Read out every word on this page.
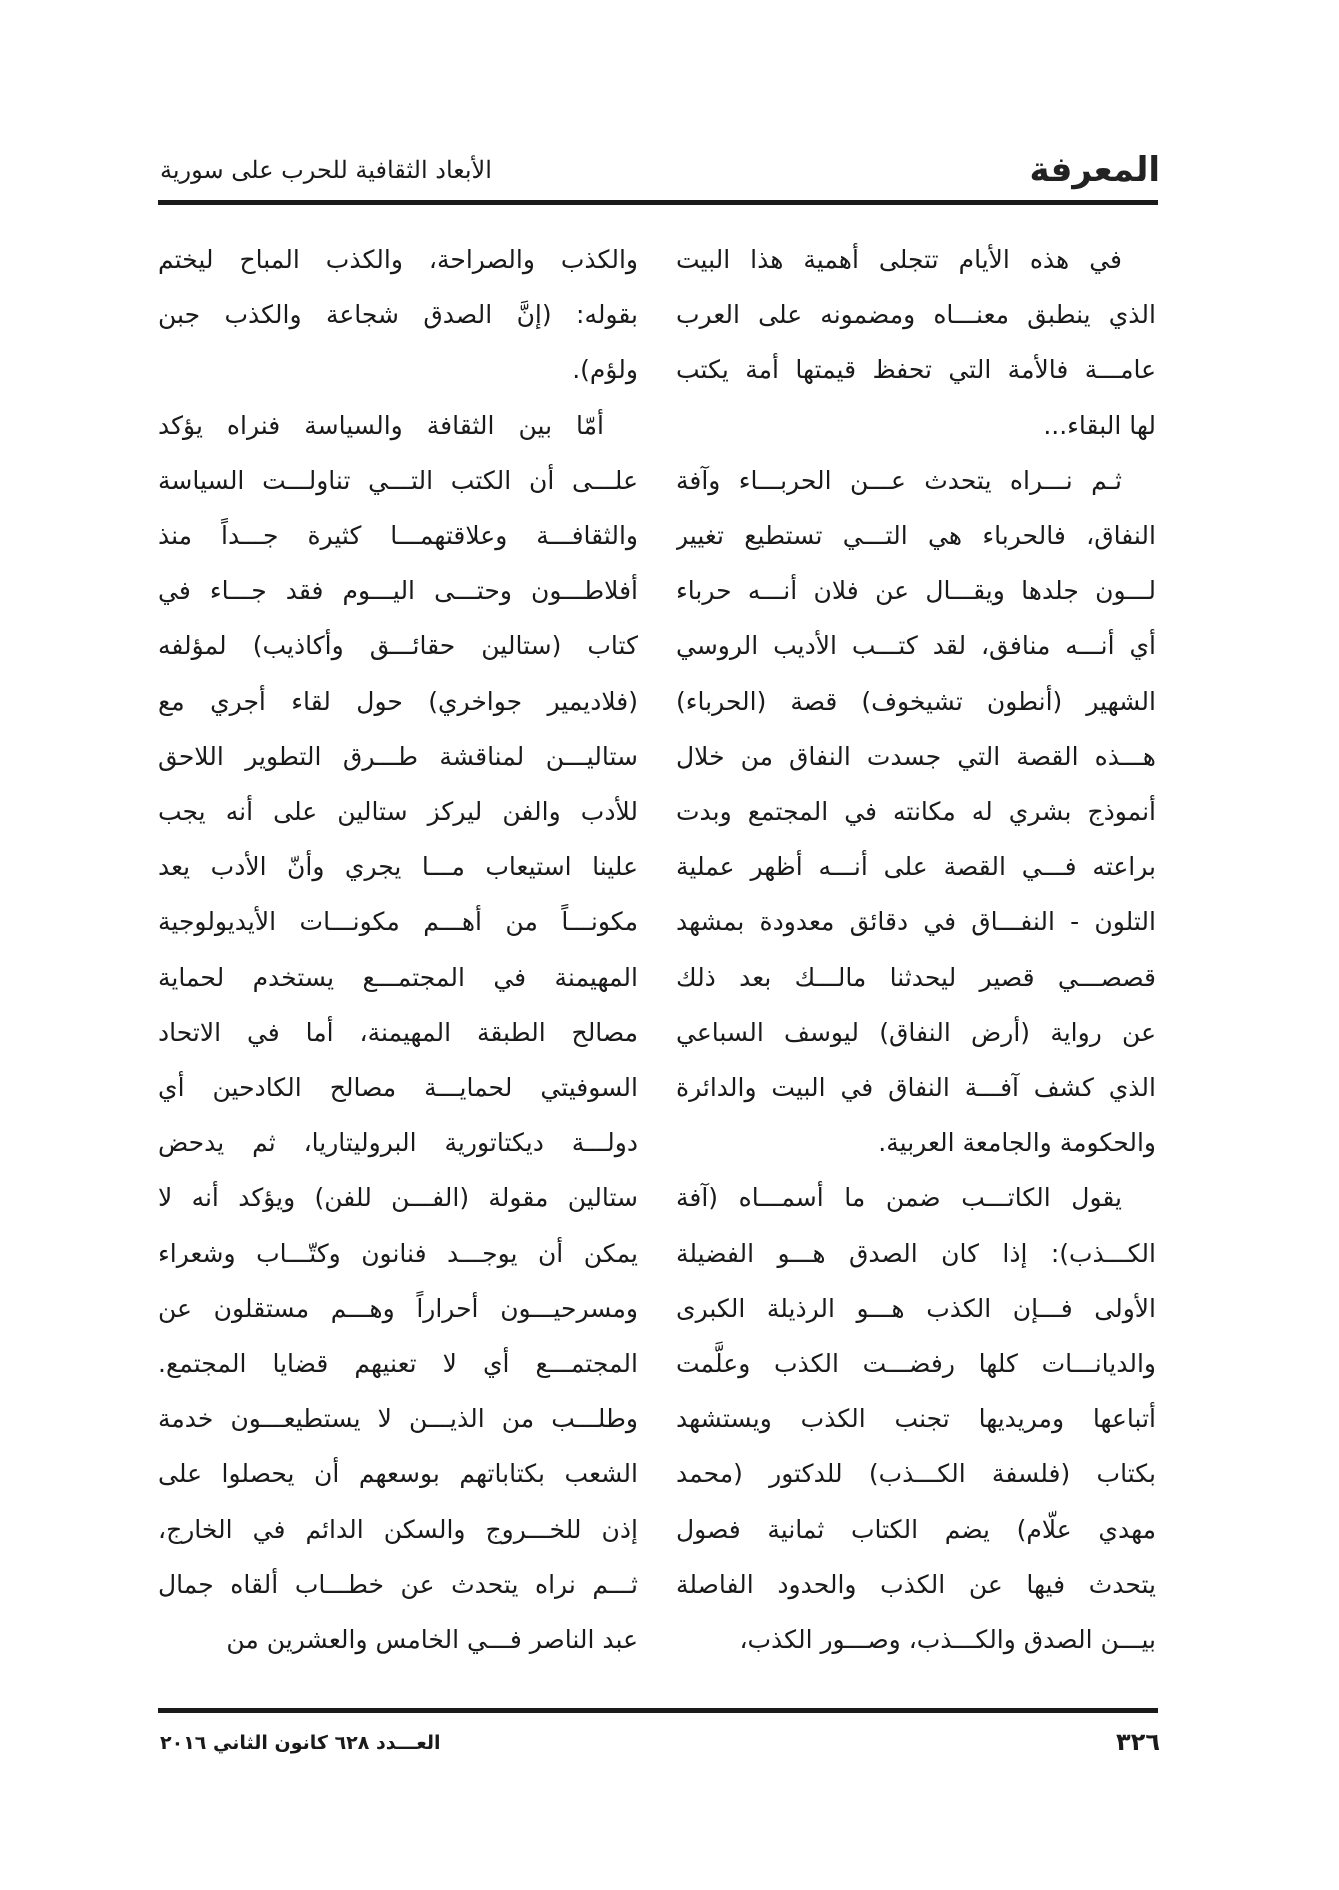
المعرفة
الأبعاد الثقافية للحرب على سورية
في هذه الأيام تتجلى أهمية هذا البيت
الذي ينطبق معنـــاه ومضمونه على العرب
عامـــة فالأمة التي تحفظ قيمتها أمة يكتب
لها البقاء...
ثـم نـــراه يتحدث عـــن الحربـــاء وآفة
النفاق، فالحرباء هي التـــي تستطيع تغيير
لـــون جلدها ويقـــال عن فلان أنـــه حرباء
أي أنـــه منافق، لقد كتـــب الأديب الروسي
الشهير (أنطون تشيخوف) قصة (الحرباء)
هـــذه القصة التي جسدت النفاق من خلال
أنموذج بشري له مكانته في المجتمع وبدت
براعته فـــي القصة على أنـــه أظهر عملية
التلون - النفـــاق في دقائق معدودة بمشهد
قصصـــي قصير ليحدثنا مالـــك بعد ذلك
عن رواية (أرض النفاق) ليوسف السباعي
الذي كشف آفـــة النفاق في البيت والدائرة
والحكومة والجامعة العربية.
يقول الكاتـــب ضمن ما أسمـــاه (آفة
الكـــذب): إذا كان الصدق هـــو الفضيلة
الأولى فـــإن الكذب هـــو الرذيلة الكبرى
والديانـــات كلها رفضـــت الكذب وعلَّمت
أتباعها ومريديها تجنب الكذب ويستشهد
بكتاب (فلسفة الكـــذب) للدكتور (محمد
مهدي علّام) يضم الكتاب ثمانية فصول
يتحدث فيها عن الكذب والحدود الفاصلة
بيـــن الصدق والكـــذب، وصـــور الكذب،
والكذب والصراحة، والكذب المباح ليختم
بقوله: (إنَّ الصدق شجاعة والكذب جبن
ولؤم).
أمّا بين الثقافة والسياسة فنراه يؤكد
علـــى أن الكتب التـــي تناولـــت السياسة
والثقافـــة وعلاقتهمـــا كثيرة جـــداً منذ
أفلاطـــون وحتـــى اليـــوم فقد جـــاء في
كتاب (ستالين حقائـــق وأكاذيب) لمؤلفه
(فلاديمير جواخري) حول لقاء أجري مع
ستاليـــن لمناقشة طـــرق التطوير اللاحق
للأدب والفن ليركز ستالين على أنه يجب
علينا استيعاب مـــا يجري وأنّ الأدب يعد
مكونـــاً من أهـــم مكونـــات الأيديولوجية
المهيمنة في المجتمـــع يستخدم لحماية
مصالح الطبقة المهيمنة، أما في الاتحاد
السوفيتي لحمايـــة مصالح الكادحين أي
دولـــة ديكتاتورية البروليتاريا، ثم يدحض
ستالين مقولة (الفـــن للفن) ويؤكد أنه لا
يمكن أن يوجـــد فنانون وكتّـــاب وشعراء
ومسرحيـــون أحراراً وهـــم مستقلون عن
المجتمـــع أي لا تعنيهم قضايا المجتمع.
وطلـــب من الذيـــن لا يستطيعـــون خدمة
الشعب بكتاباتهم بوسعهم أن يحصلوا على
إذن للخـــروج والسكن الدائم في الخارج،
ثـــم نراه يتحدث عن خطـــاب ألقاه جمال
عبد الناصر فـــي الخامس والعشرين من
٣٢٦
العـــدد ٦٢٨ كانون الثاني ٢٠١٦
